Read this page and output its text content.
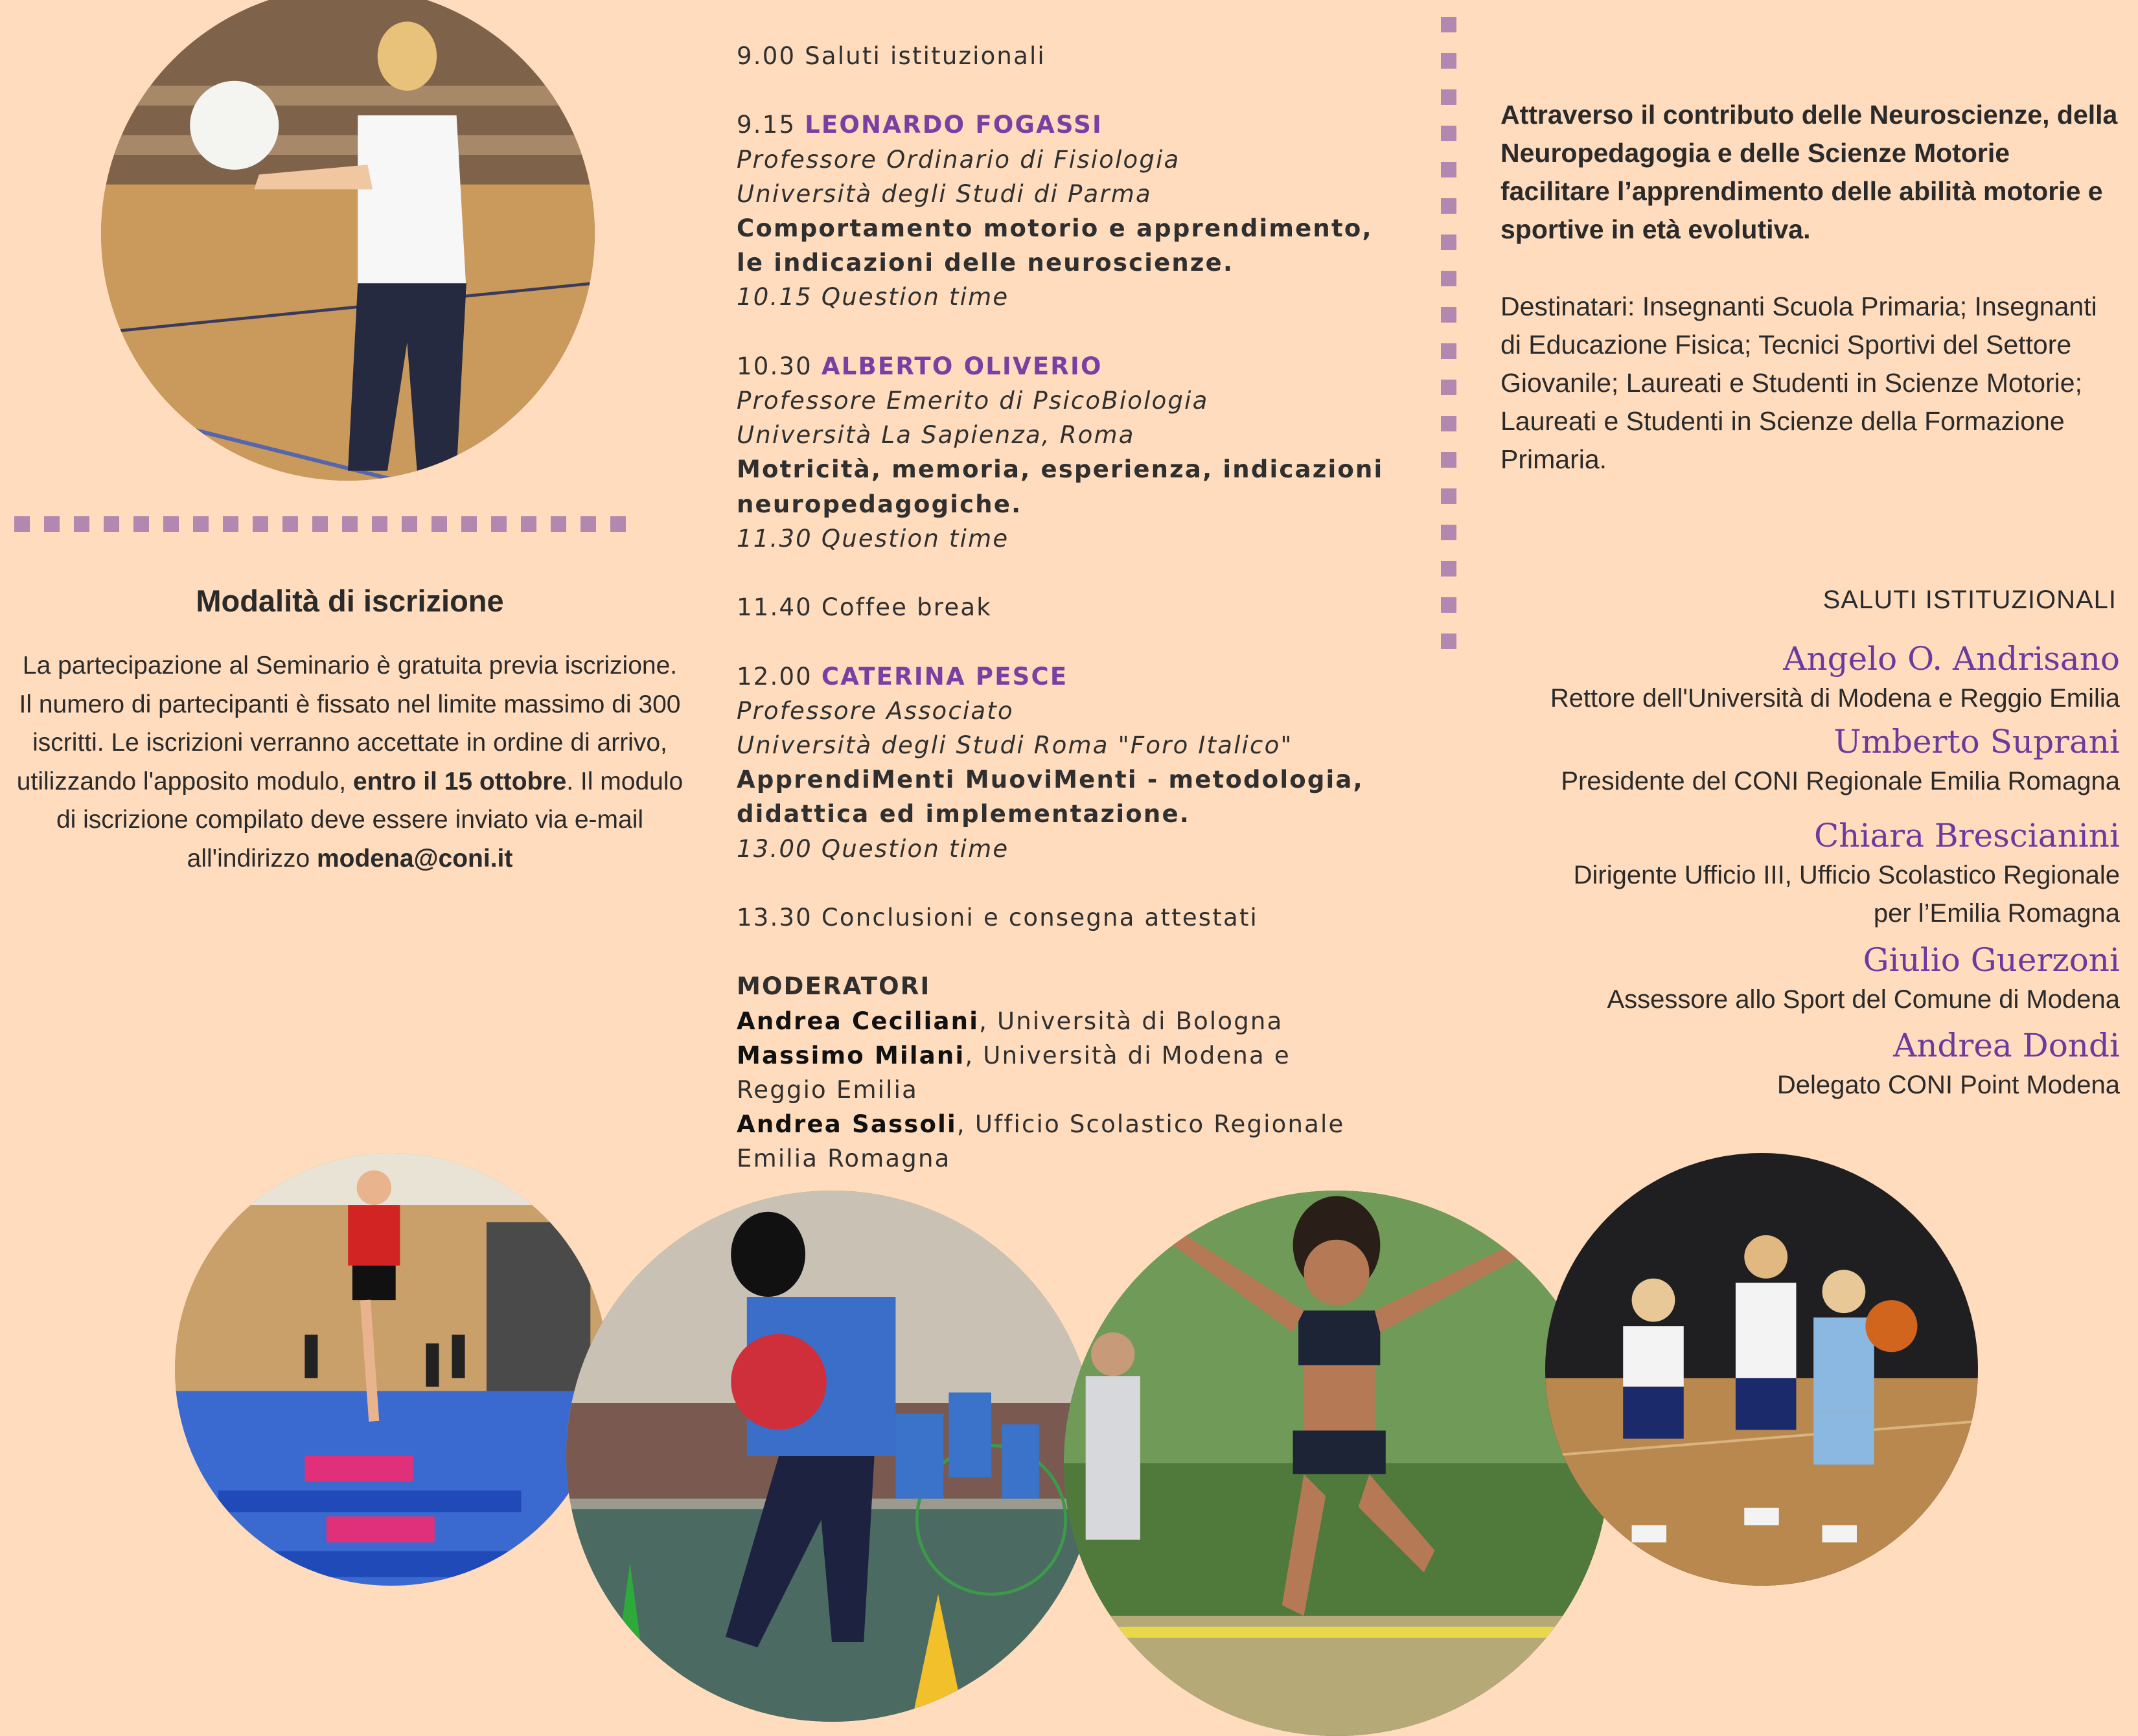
Modalità di iscrizione
La partecipazione al Seminario è gratuita previa iscrizione. Il numero di partecipanti è fissato nel limite massimo di 300 iscritti. Le iscrizioni verranno accettate in ordine di arrivo, utilizzando l'apposito modulo, entro il 15 ottobre. Il modulo di iscrizione compilato deve essere inviato via e-mail all'indirizzo modena@coni.it
9.00 Saluti istituzionali
9.15 LEONARDO FOGASSI
Professore Ordinario di Fisiologia
Università degli Studi di Parma
Comportamento motorio e apprendimento,
le indicazioni delle neuroscienze.
10.15 Question time
10.30 ALBERTO OLIVERIO
Professore Emerito di PsicoBiologia
Università La Sapienza, Roma
Motricità, memoria, esperienza, indicazioni
neuropedagogiche.
11.30 Question time
11.40 Coffee break
12.00 CATERINA PESCE
Professore Associato
Università degli Studi Roma "Foro Italico"
ApprendiMenti MuoviMenti - metodologia,
didattica ed implementazione.
13.00 Question time
13.30 Conclusioni e consegna attestati
MODERATORI
Andrea Ceciliani, Università di Bologna
Massimo Milani, Università di Modena e
Reggio Emilia
Andrea Sassoli, Ufficio Scolastico Regionale
Emilia Romagna
Attraverso il contributo delle Neuroscienze, della Neuropedagogia e delle Scienze Motorie facilitare l’apprendimento delle abilità motorie e sportive in età evolutiva.
Destinatari: Insegnanti Scuola Primaria; Insegnanti di Educazione Fisica; Tecnici Sportivi del Settore Giovanile; Laureati e Studenti in Scienze Motorie; Laureati e Studenti in Scienze della Formazione Primaria.
SALUTI ISTITUZIONALI
Angelo O. Andrisano
Rettore dell'Università di Modena e Reggio Emilia
Umberto Suprani
Presidente del CONI Regionale Emilia Romagna
Chiara Brescianini
Dirigente Ufficio III, Ufficio Scolastico Regionale
per l’Emilia Romagna
Giulio Guerzoni
Assessore allo Sport del Comune di Modena
Andrea Dondi
Delegato CONI Point Modena
